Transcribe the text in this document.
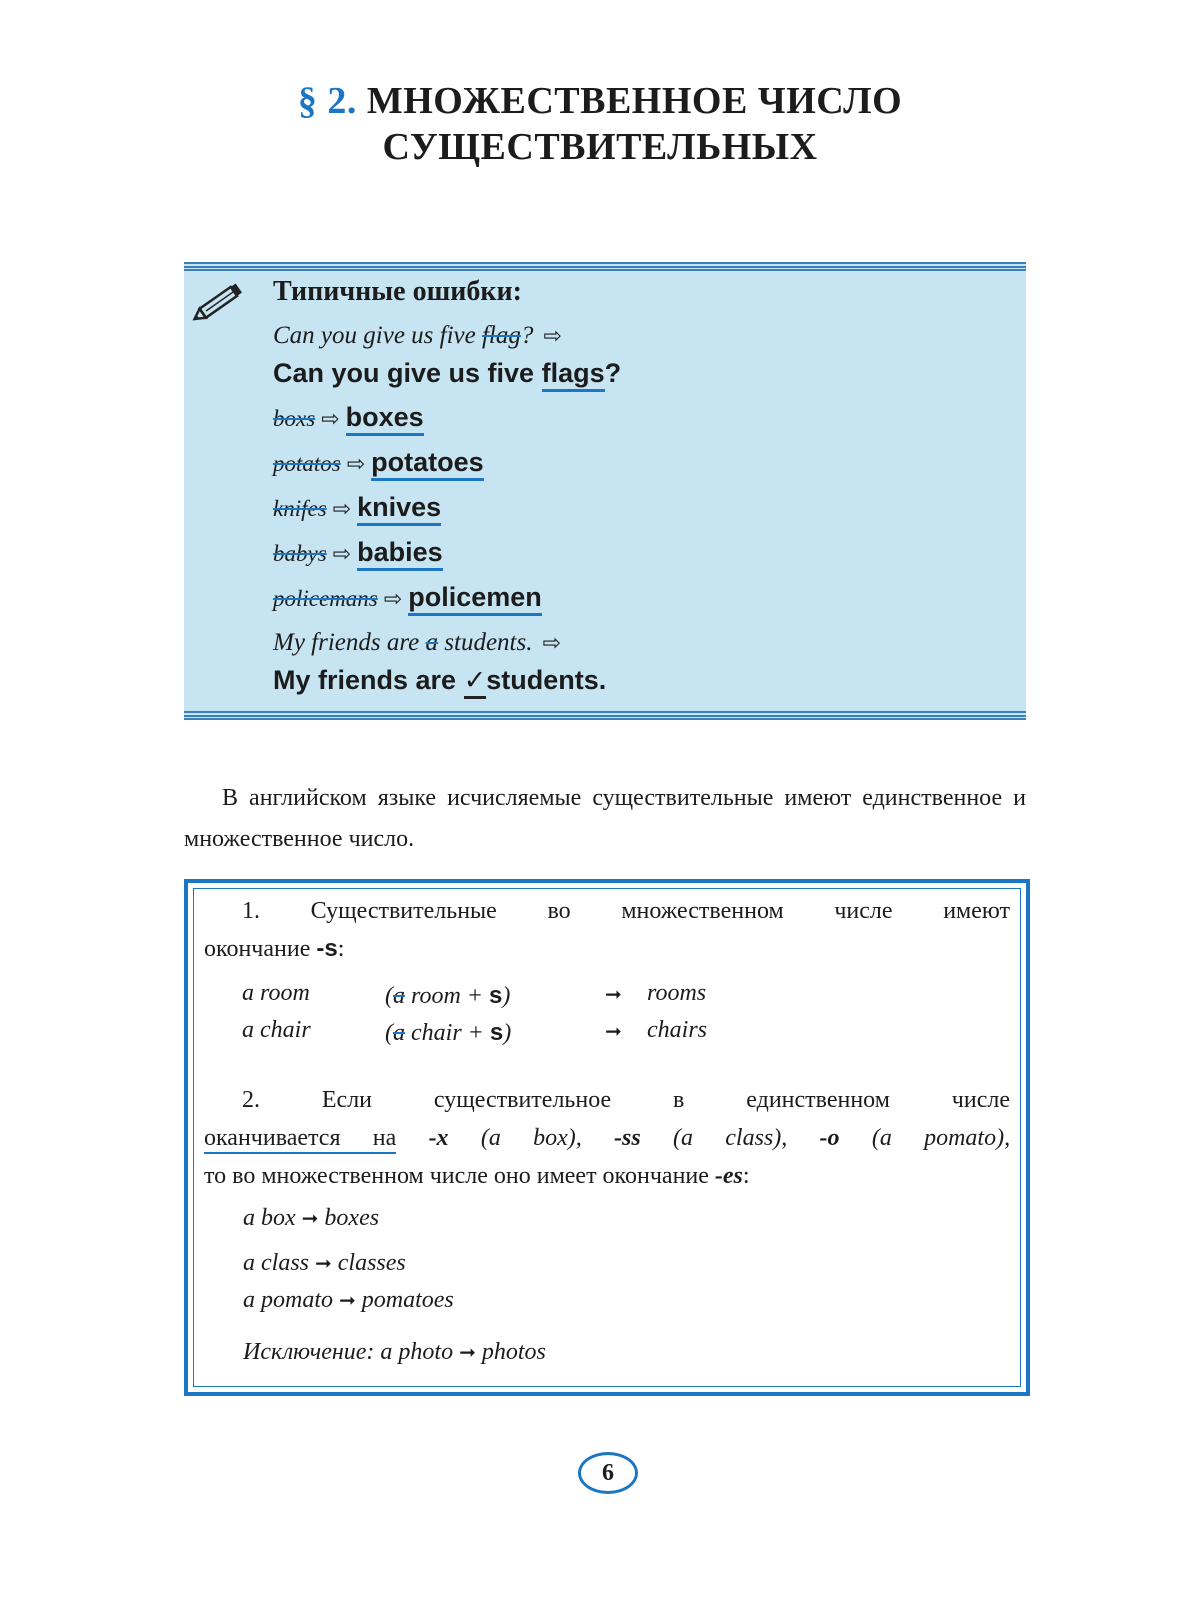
§ 2. МНОЖЕСТВЕННОЕ ЧИСЛО
СУЩЕСТВИТЕЛЬНЫХ
Типичные ошибки:
Can you give us five flag? ⇨
Can you give us five flags?
boxs ⇨ boxes
potatos ⇨ potatoes
knifes ⇨ knives
babys ⇨ babies
policemans ⇨ policemen
My friends are a students. ⇨
My friends are ✓students.

В английском языке исчисляемые существительные имеют единственное и множественное число.

1. Существительные во множественном числе имеют

окончание -s:

a room	(a room + s)	➞ rooms
a chair	(a chair + s)	➞ chairs

2. Если существительное в единственном числе

оканчивается на -x (a box), -ss (a class), -o (a pomato),

то во множественном числе оно имеет окончание -es:

a box ➞ boxes
a class ➞ classes
a pomato ➞ pomatoes
Исключение: a photo ➞ photos
6
